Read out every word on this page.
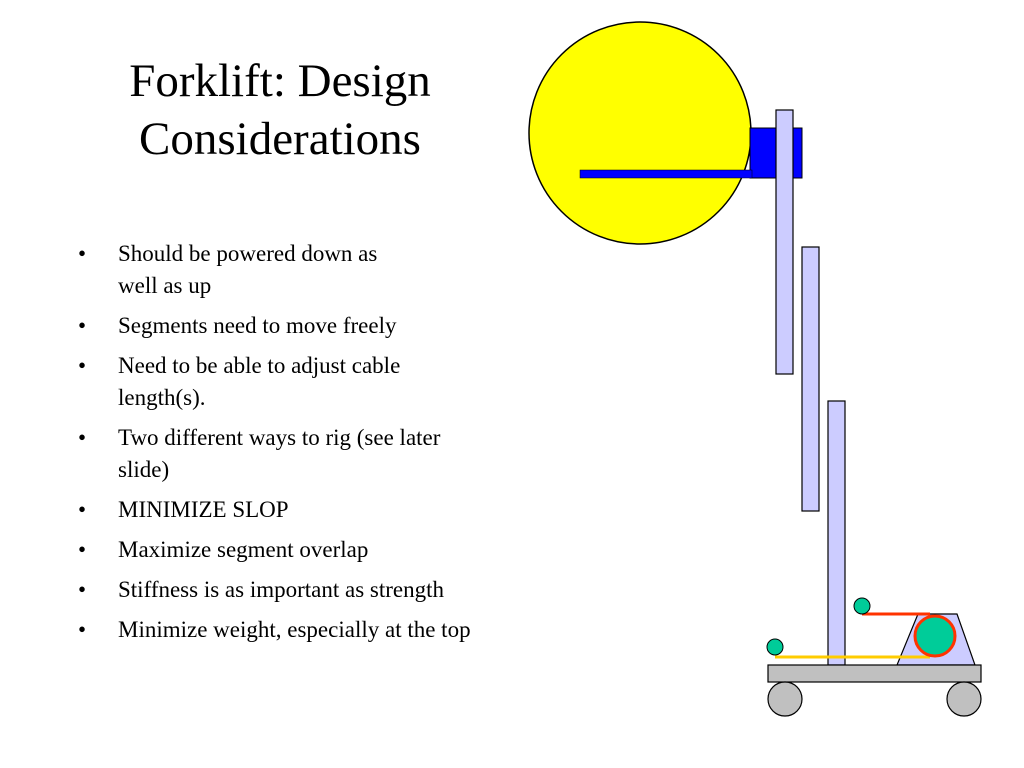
Forklift: Design
Considerations
• Should be powered down as
well as up
• Segments need to move freely
• Need to be able to adjust cable
length(s).
• Two different ways to rig (see later
slide)
• MINIMIZE SLOP
• Maximize segment overlap
• Stiffness is as important as strength
• Minimize weight, especially at the top
